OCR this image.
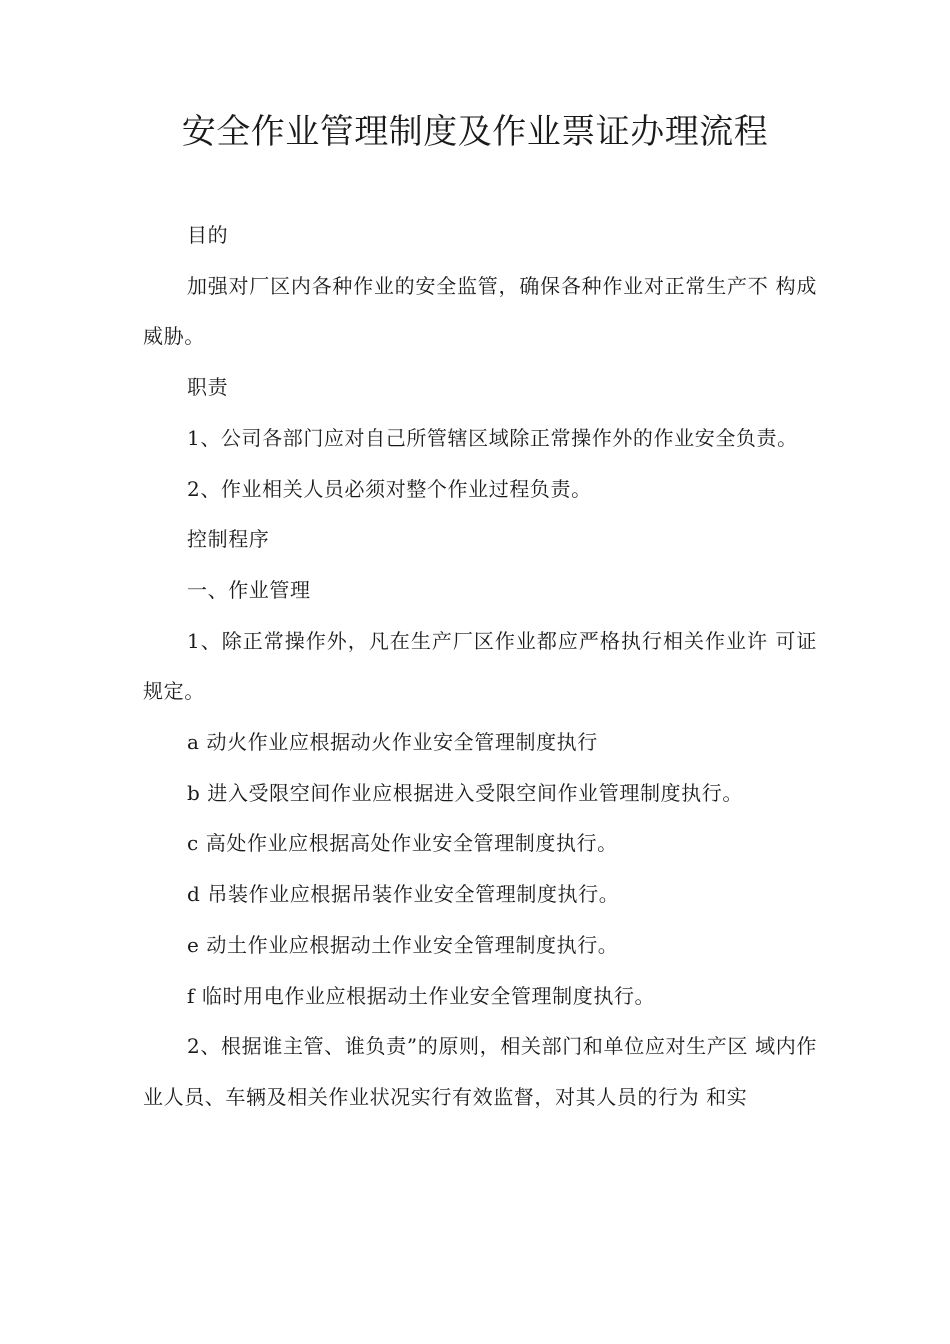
安全作业管理制度及作业票证办理流程

目的

加强对厂区内各种作业的安全监管，确保各种作业对正常生产不 构成威胁。

职责

1、公司各部门应对自己所管辖区域除正常操作外的作业安全负责。

2、作业相关人员必须对整个作业过程负责。

控制程序

一、作业管理

1、除正常操作外，凡在生产厂区作业都应严格执行相关作业许 可证规定。

a 动火作业应根据动火作业安全管理制度执行

b 进入受限空间作业应根据进入受限空间作业管理制度执行。

c 高处作业应根据高处作业安全管理制度执行。

d 吊装作业应根据吊装作业安全管理制度执行。

e 动土作业应根据动土作业安全管理制度执行。

f 临时用电作业应根据动土作业安全管理制度执行。

2、根据谁主管、谁负责”的原则，相关部门和单位应对生产区 域内作业人员、车辆及相关作业状况实行有效监督，对其人员的行为 和实
